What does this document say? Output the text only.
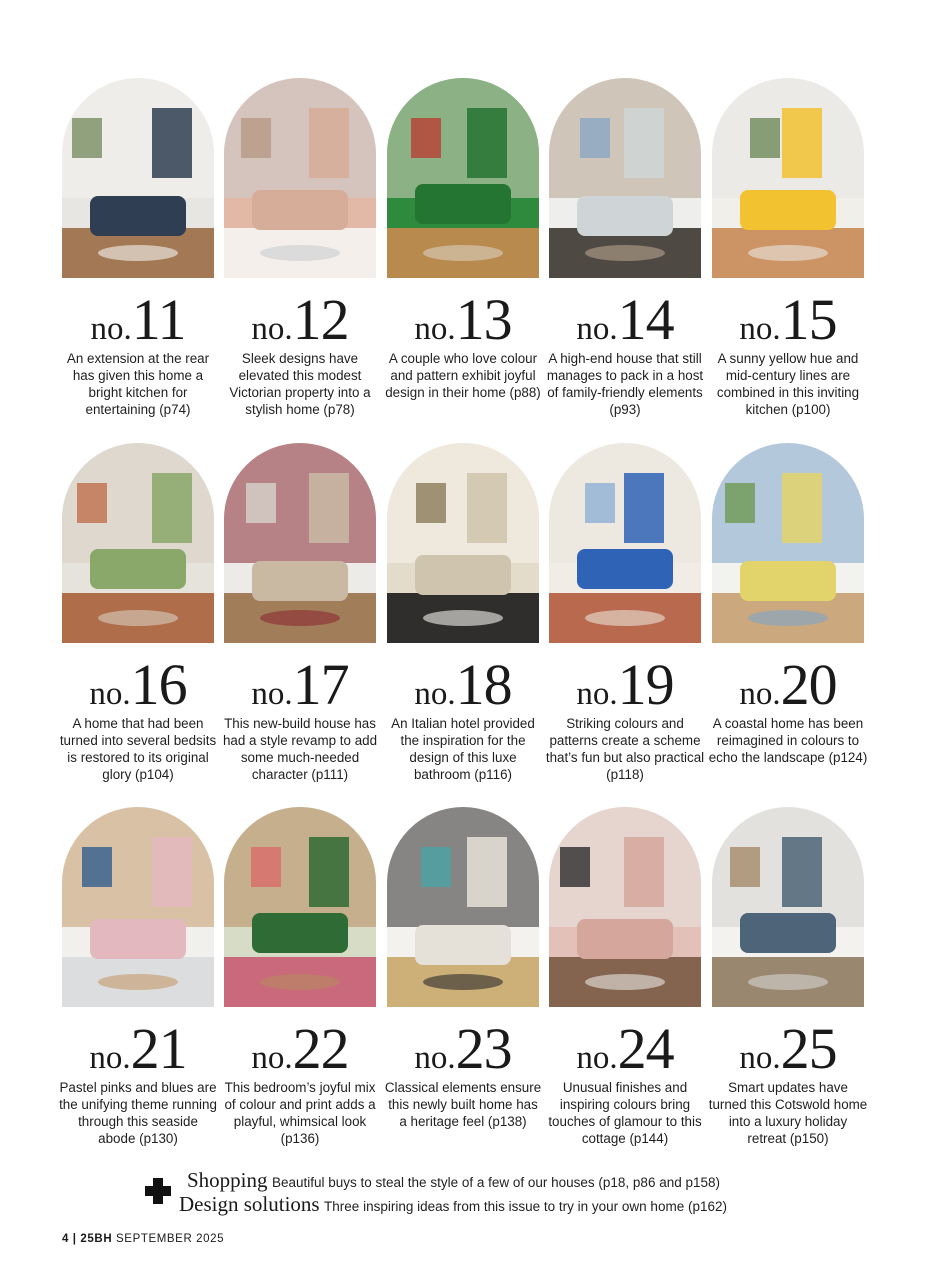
no.11
An extension at the rear has given this home a bright kitchen for entertaining (p74)
no.12
Sleek designs have elevated this modest Victorian property into a stylish home (p78)
no.13
A couple who love colour and pattern exhibit joyful design in their home (p88)
no.14
A high-end house that still manages to pack in a host of family-friendly elements (p93)
no.15
A sunny yellow hue and mid-century lines are combined in this inviting kitchen (p100)
no.16
A home that had been turned into several bedsits is restored to its original glory (p104)
no.17
This new-build house has had a style revamp to add some much-needed character (p111)
no.18
An Italian hotel provided the inspiration for the design of this luxe bathroom (p116)
no.19
Striking colours and patterns create a scheme that’s fun but also practical (p118)
no.20
A coastal home has been reimagined in colours to echo the landscape (p124)
no.21
Pastel pinks and blues are the unifying theme running through this seaside abode (p130)
no.22
This bedroom’s joyful mix of colour and print adds a playful, whimsical look (p136)
no.23
Classical elements ensure this newly built home has a heritage feel (p138)
no.24
Unusual finishes and inspiring colours bring touches of glamour to this cottage (p144)
no.25
Smart updates have turned this Cotswold home into a luxury holiday retreat (p150)
Shopping Beautiful buys to steal the style of a few of our houses (p18, p86 and p158)
Design solutions Three inspiring ideas from this issue to try in your own home (p162)
4 | 25BH SEPTEMBER 2025
